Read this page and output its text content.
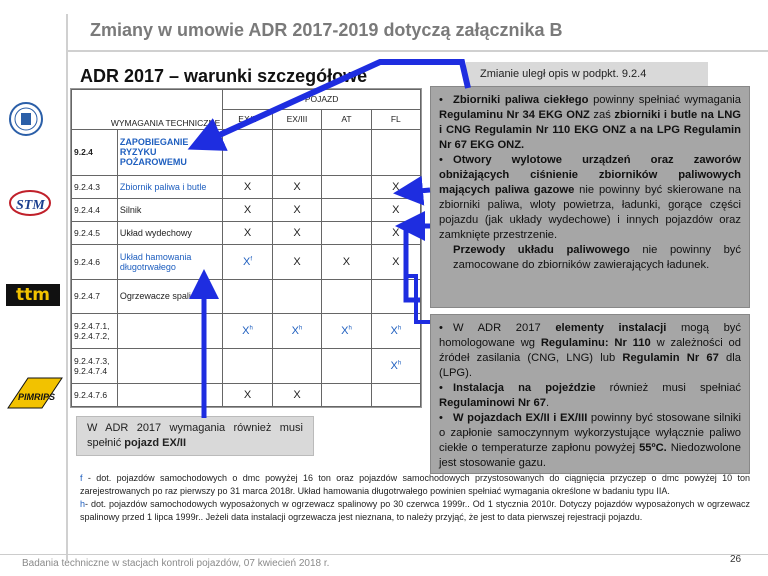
Zmiany w umowie ADR 2017-2019 dotyczą załącznika B
STM
ttm
PIMRIPS
ADR 2017 – warunki szczegółowe	Zmianie uległ opis w podpkt. 9.2.4
WYMAGANIA TECHNICZNE		POJAZD			
		EX/II	EX/III	AT	FL
9.2.4	ZAPOBIEGANIE RYZYKU POŻAROWEMU				
9.2.4.3	Zbiornik paliwa i butle	X	X		X
9.2.4.4	Silnik	X	X		X
9.2.4.5	Układ wydechowy	X	X		X
9.2.4.6	Układ hamowania długotrwałego	$X^f$	X	X	X
9.2.4.7	Ogrzewacze spalinowe				
9.2.4.7.1, 9.2.4.7.2,		$X^h$	$X^h$	$X^h$	$X^h$
9.2.4.7.3, 9.2.4.7.4					$X^h$
9.2.4.7.6		X	X		

• Zbiorniki paliwa ciekłego powinny spełniać wymagania Regulaminu Nr 34 EKG ONZ zaś zbiorniki i butle na LNG i CNG Regulamin Nr 110 EKG ONZ a na LPG Regulamin Nr 67 EKG ONZ.

• Otwory wylotowe urządzeń oraz zaworów obniżających ciśnienie zbiorników paliwowych mających paliwa gazowe nie powinny być skierowane na zbiorniki paliwa, wloty powietrza, ładunki, gorące części pojazdu (jak układy wydechowe) i innych pojazdów oraz zamknięte przestrzenie.

Przewody układu paliwowego nie powinny być zamocowane do zbiorników zawierających ładunek.

• W ADR 2017 elementy instalacji mogą być homologowane wg Regulaminu: Nr 110 w zależności od źródeł zasilania (CNG, LNG) lub Regulamin Nr 67 dla (LPG).

• Instalacja na pojeździe również musi spełniać Regulaminowi Nr 67.

• W pojazdach EX/II i EX/III powinny być stosowane silniki o zapłonie samoczynnym wykorzystujące wyłącznie paliwo ciekłe o temperaturze zapłonu powyżej 55ºC. Niedozwolone jest stosowanie gazu.

W ADR 2017 wymagania również musi spełnić pojazd EX/II

f - dot. pojazdów samochodowych o dmc powyżej 16 ton oraz pojazdów samochodowych przystosowanych do ciągnięcia przyczep o dmc powyżej 10 ton zarejestrowanych po raz pierwszy po 31 marca 2018r. Układ hamowania długotrwałego powinien spełniać wymagania określone w badaniu typu IIA.

h- dot. pojazdów samochodowych wyposażonych w ogrzewacz spalinowy po 30 czerwca 1999r.. Od 1 stycznia 2010r. Dotyczy pojazdów wyposażonych w ogrzewacz spalinowy przed 1 lipca 1999r.. Jeżeli data instalacji ogrzewacza jest nieznana, to należy przyjąć, że jest to data pierwszej rejestracji pojazdu.

Badania techniczne w stacjach kontroli pojazdów, 07 kwiecień 2018 r.	26
